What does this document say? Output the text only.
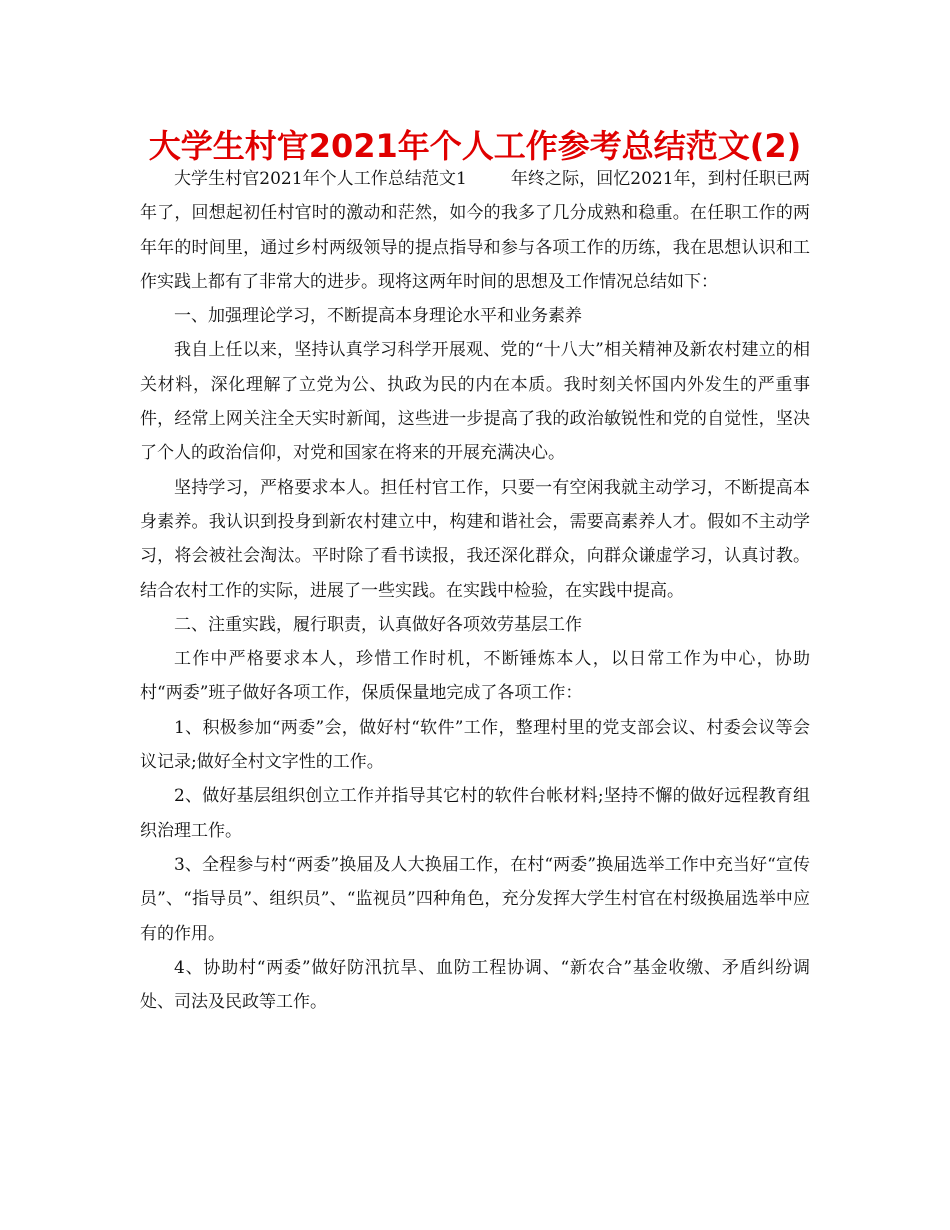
大学生村官2021年个人工作参考总结范文(2)

大学生村官2021年个人工作总结范文1	年终之际，回忆2021年，到村任职已两年了，回想起初任村官时的激动和茫然，如今的我多了几分成熟和稳重。在任职工作的两年年的时间里，通过乡村两级领导的提点指导和参与各项工作的历练，我在思想认识和工作实践上都有了非常大的进步。现将这两年时间的思想及工作情况总结如下：

一、加强理论学习，不断提高本身理论水平和业务素养

我自上任以来，坚持认真学习科学开展观、党的“十八大”相关精神及新农村建立的相关材料，深化理解了立党为公、执政为民的内在本质。我时刻关怀国内外发生的严重事件，经常上网关注全天实时新闻，这些进一步提高了我的政治敏锐性和党的自觉性，坚决了个人的政治信仰，对党和国家在将来的开展充满决心。

坚持学习，严格要求本人。担任村官工作，只要一有空闲我就主动学习，不断提高本身素养。我认识到投身到新农村建立中，构建和谐社会，需要高素养人才。假如不主动学习，将会被社会淘汰。平时除了看书读报，我还深化群众，向群众谦虚学习，认真讨教。结合农村工作的实际，进展了一些实践。在实践中检验，在实践中提高。

二、注重实践，履行职责，认真做好各项效劳基层工作

工作中严格要求本人，珍惜工作时机，不断锤炼本人，以日常工作为中心，协助村“两委”班子做好各项工作，保质保量地完成了各项工作：

1、积极参加“两委”会，做好村“软件”工作，整理村里的党支部会议、村委会议等会议记录;做好全村文字性的工作。

2、做好基层组织创立工作并指导其它村的软件台帐材料;坚持不懈的做好远程教育组织治理工作。

3、全程参与村“两委”换届及人大换届工作，在村“两委”换届选举工作中充当好“宣传员”、“指导员”、组织员”、“监视员”四种角色，充分发挥大学生村官在村级换届选举中应有的作用。

4、协助村“两委”做好防汛抗旱、血防工程协调、“新农合”基金收缴、矛盾纠纷调处、司法及民政等工作。
